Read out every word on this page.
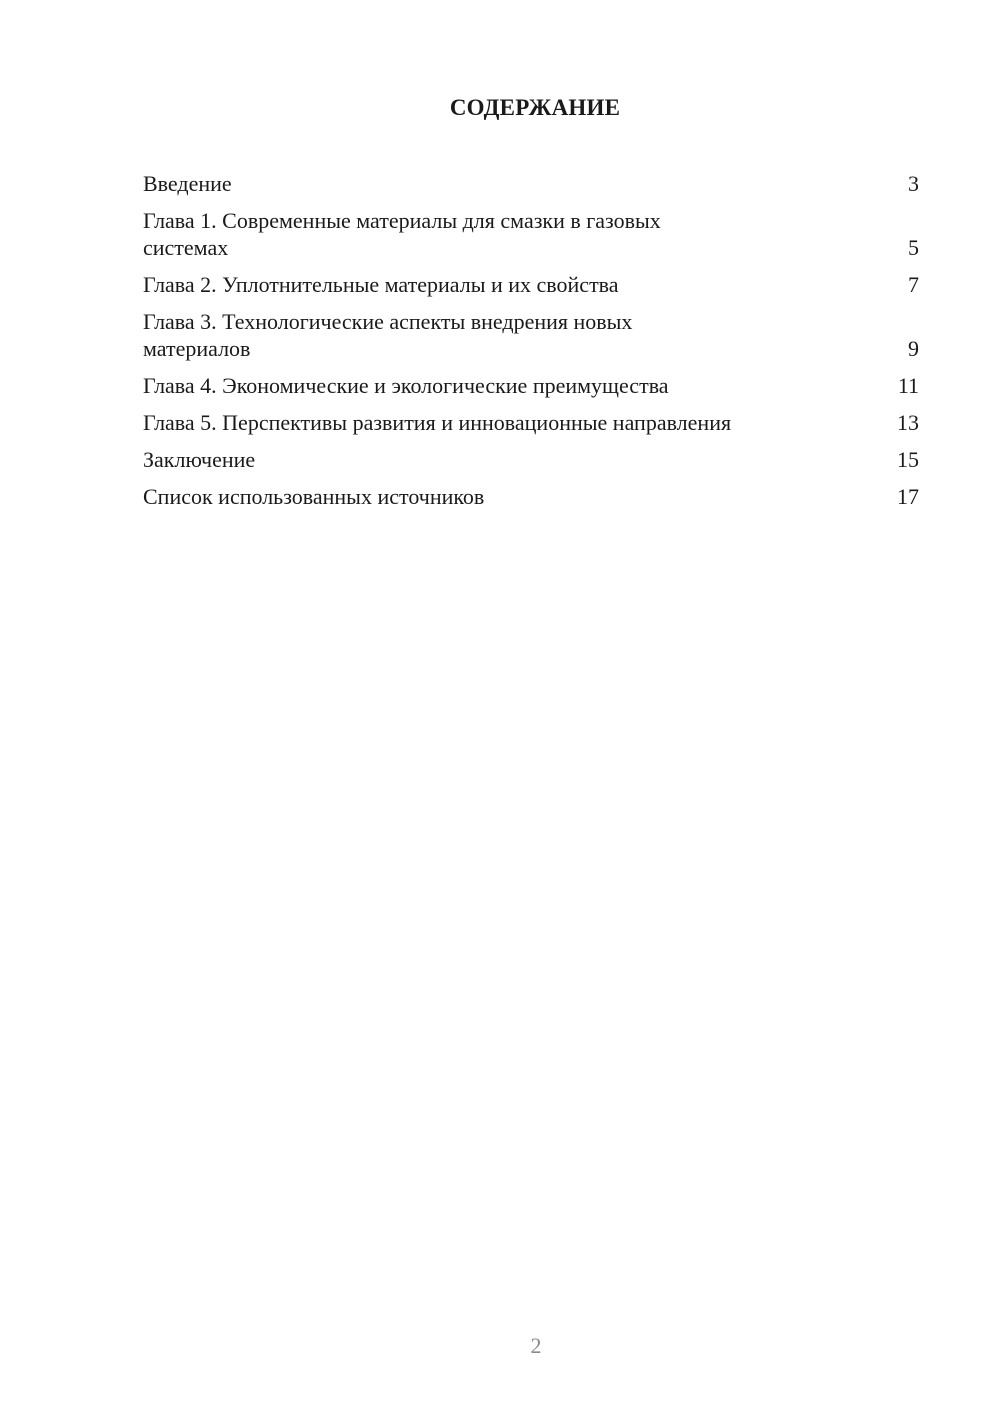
СОДЕРЖАНИЕ
Введение	3
Глава 1. Современные материалы для смазки в газовых системах	5
Глава 2. Уплотнительные материалы и их свойства	7
Глава 3. Технологические аспекты внедрения новых материалов	9
Глава 4. Экономические и экологические преимущества	11
Глава 5. Перспективы развития и инновационные направления	13
Заключение	15
Список использованных источников	17
2
